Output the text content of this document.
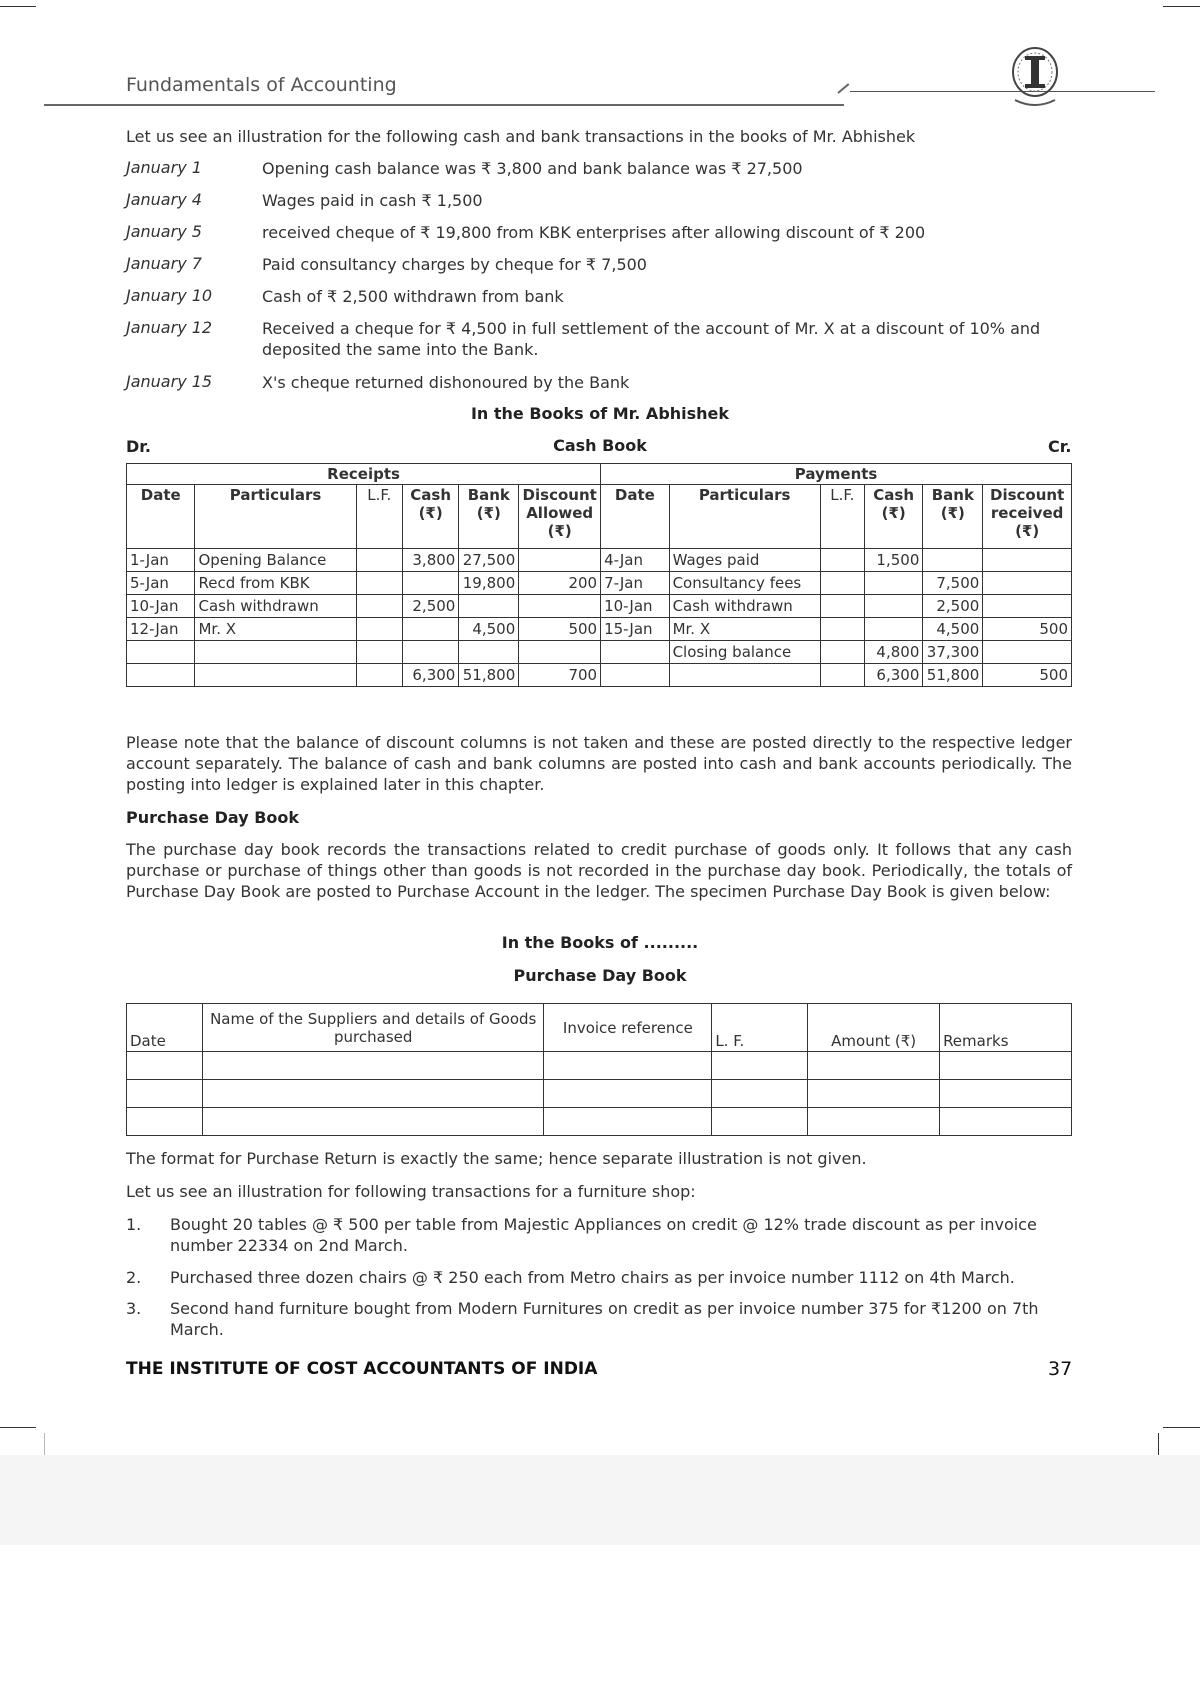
Fundamentals of Accounting
Let us see an illustration for the following cash and bank transactions in the books of Mr. Abhishek
January 1	Opening cash balance was ₹ 3,800 and bank balance was ₹ 27,500
January 4	Wages paid in cash ₹ 1,500
January 5	received cheque of ₹ 19,800 from KBK enterprises after allowing discount of ₹ 200
January 7	Paid consultancy charges by cheque for ₹ 7,500
January 10	Cash of ₹ 2,500 withdrawn from bank
January 12	Received a cheque for ₹ 4,500 in full settlement of the account of Mr. X at a discount of 10% and deposited the same into the Bank.
January 15	X's cheque returned dishonoured by the Bank
In the Books of Mr. Abhishek
Dr.	Cash Book	Cr.
Receipts						Payments					
Date	Particulars	L.F.	Cash (₹)	Bank (₹)	Discount Allowed (₹)	Date	Particulars	L.F.	Cash (₹)	Bank (₹)	Discount received (₹)
1-Jan	Opening Balance		3,800	27,500		4-Jan	Wages paid		1,500		
5-Jan	Recd from KBK			19,800	200	7-Jan	Consultancy fees			7,500	
10-Jan	Cash withdrawn		2,500			10-Jan	Cash withdrawn			2,500	
12-Jan	Mr. X			4,500	500	15-Jan	Mr. X			4,500	500
							Closing balance		4,800	37,300	
			6,300	51,800	700				6,300	51,800	500
Please note that the balance of discount columns is not taken and these are posted directly to the respective ledger account separately. The balance of cash and bank columns are posted into cash and bank accounts periodically. The posting into ledger is explained later in this chapter.
Purchase Day Book
The purchase day book records the transactions related to credit purchase of goods only. It follows that any cash purchase or purchase of things other than goods is not recorded in the purchase day book. Periodically, the totals of Purchase Day Book are posted to Purchase Account in the ledger. The specimen Purchase Day Book is given below:
In the Books of .........
Purchase Day Book
Date	Name of the Suppliers and details of Goods purchased	Invoice reference	L. F.	Amount (₹)	Remarks

The format for Purchase Return is exactly the same; hence separate illustration is not given.
Let us see an illustration for following transactions for a furniture shop:
1. Bought 20 tables @ ₹ 500 per table from Majestic Appliances on credit @ 12% trade discount as per invoice number 22334 on 2nd March.
2. Purchased three dozen chairs @ ₹ 250 each from Metro chairs as per invoice number 1112 on 4th March.
3. Second hand furniture bought from Modern Furnitures on credit as per invoice number 375 for ₹1200 on 7th March.
THE INSTITUTE OF COST ACCOUNTANTS OF INDIA	37
